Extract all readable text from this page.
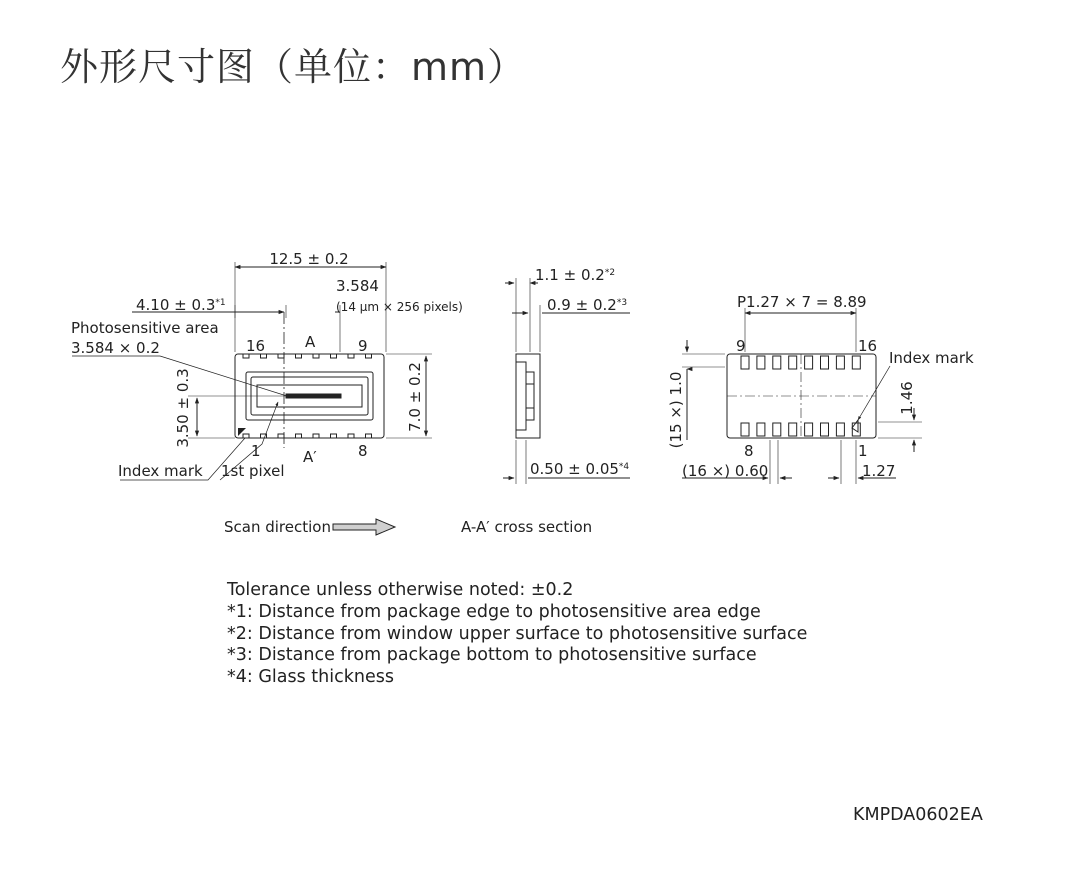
外形尺寸图（单位：mm）
12.5 ± 0.2
3.584
(14 μm × 256 pixels)
$4.10 \pm 0.3^{*1}$
Photosensitive area
3.584 × 0.2	16	A	9
1	A′	8
7.0 ± 0.2
3.50 ± 0.3
Index mark 1st pixel
$1.1 \pm 0.2^{*2}$
$0.9 \pm 0.2^{*3}$
$0.50 \pm 0.05^{*4}$
A-A′ cross section
P1.27 × 7 = 8.89
9	16
8	1
Index mark
(15 ×) 1.0	1.46
(16 ×) 0.60	1.27
Scan direction
Tolerance unless otherwise noted: ±0.2
*1: Distance from package edge to photosensitive area edge
*2: Distance from window upper surface to photosensitive surface
*3: Distance from package bottom to photosensitive surface
*4: Glass thickness
KMPDA0602EA
